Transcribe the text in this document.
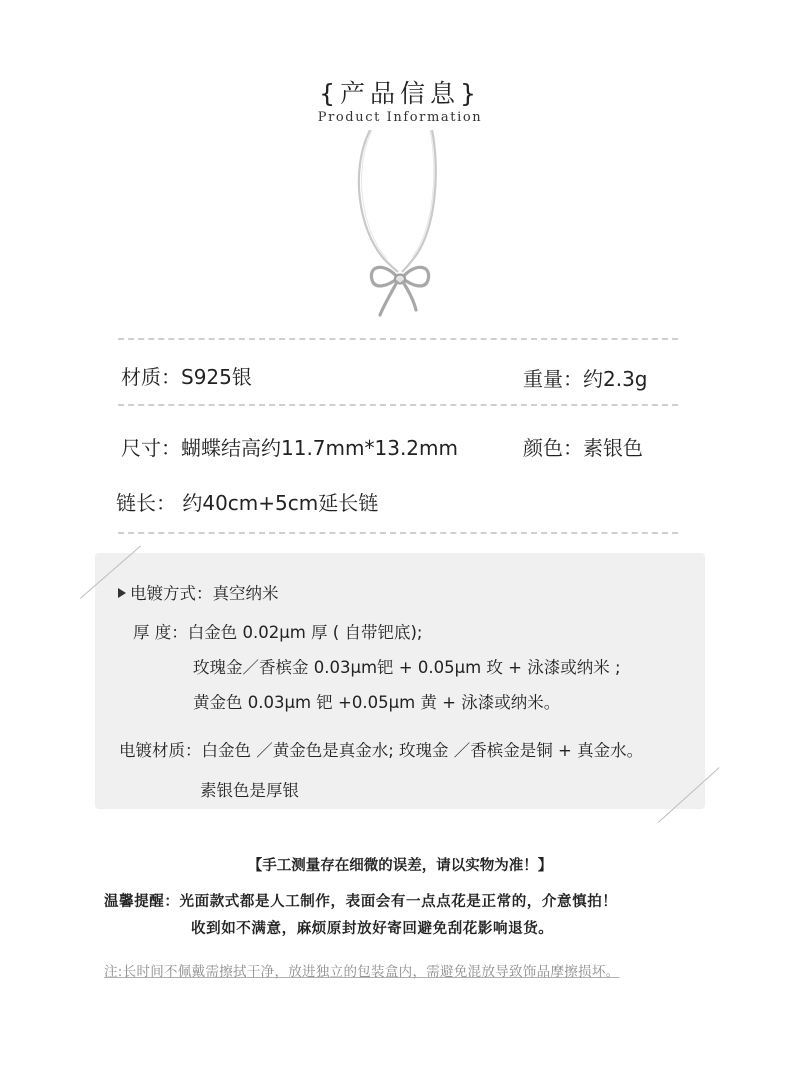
{产品信息}
Product Information
材质：S925银	重量：约2.3g
尺寸：蝴蝶结高约11.7mm*13.2mm	颜色：素银色
链长： 约40cm+5cm延长链
电镀方式：真空纳米
厚 度：白金色 0.02μm 厚 ( 自带钯底);
玫瑰金／香槟金 0.03μm钯 + 0.05μm 玫 + 泳漆或纳米 ;
黄金色 0.03μm 钯 +0.05μm 黄 + 泳漆或纳米。
电镀材质：白金色 ／黄金色是真金水; 玫瑰金 ／香槟金是铜 + 真金水。
素银色是厚银
【手工测量存在细微的误差，请以实物为准！】
温馨提醒：光面款式都是人工制作，表面会有一点点花是正常的，介意慎拍！
收到如不满意，麻烦原封放好寄回避免刮花影响退货。
注:长时间不佩戴需擦拭干净，放进独立的包装盒内，需避免混放导致饰品摩擦损坏。
